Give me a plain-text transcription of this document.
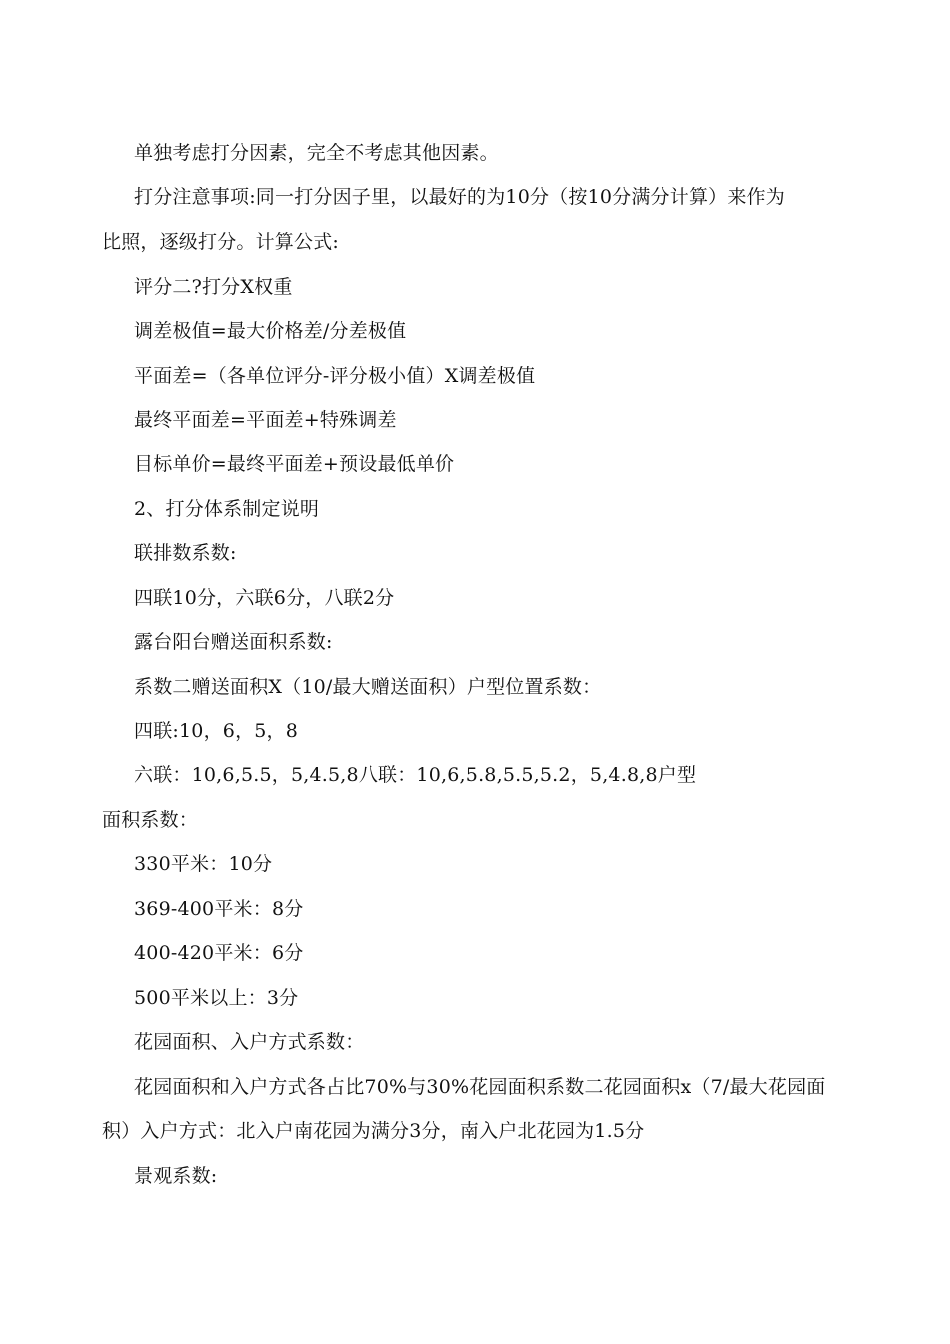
单独考虑打分因素，完全不考虑其他因素。
打分注意事项:同一打分因子里，以最好的为10分（按10分满分计算）来作为
比照，逐级打分。计算公式:
评分二?打分X权重
调差极值=最大价格差/分差极值
平面差=（各单位评分-评分极小值）X调差极值
最终平面差=平面差+特殊调差
目标单价=最终平面差+预设最低单价
2、打分体系制定说明
联排数系数:
四联10分，六联6分，八联2分
露台阳台赠送面积系数:
系数二赠送面积X（10/最大赠送面积）户型位置系数：
四联:10，6，5，8
六联：10,6,5.5，5,4.5,8八联：10,6,5.8,5.5,5.2，5,4.8,8户型
面积系数：
330平米：10分
369-400平米：8分
400-420平米：6分
500平米以上：3分
花园面积、入户方式系数：
花园面积和入户方式各占比70%与30%花园面积系数二花园面积x（7/最大花园面
积）入户方式：北入户南花园为满分3分，南入户北花园为1.5分
景观系数:
